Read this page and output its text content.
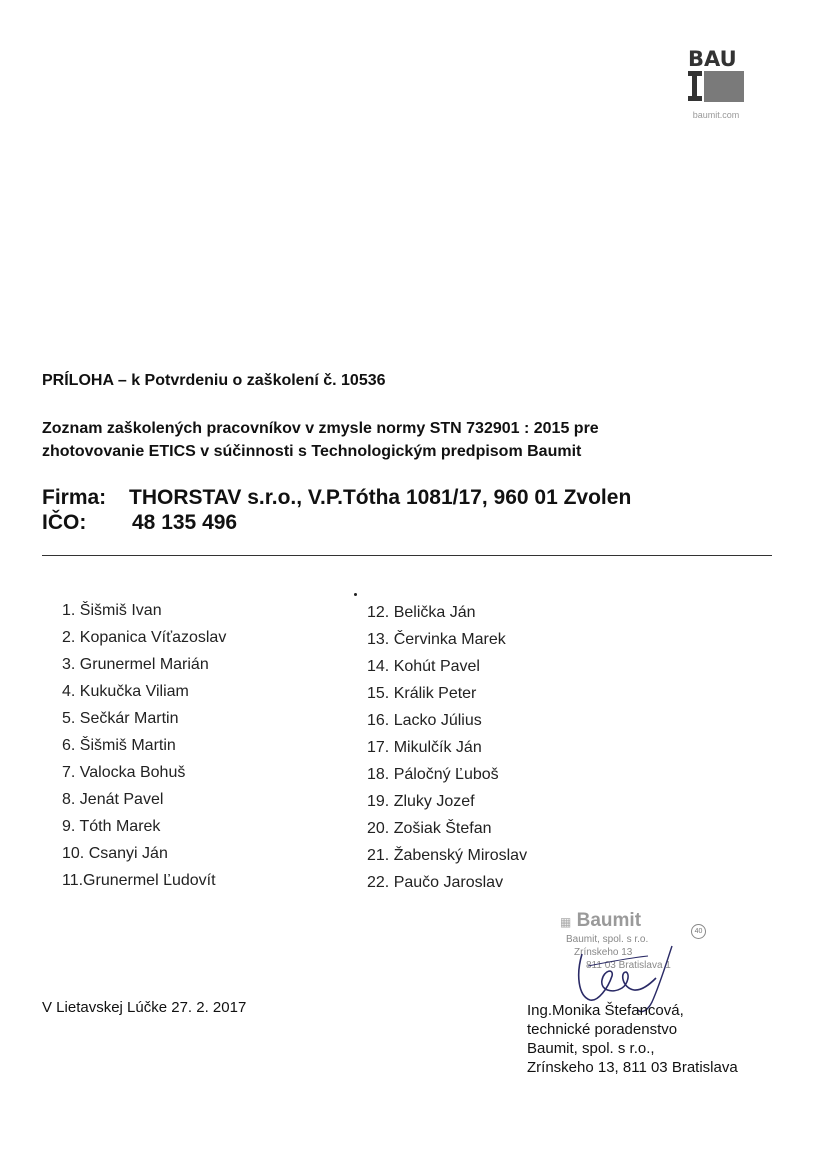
BAU
baumit.com
PRÍLOHA – k Potvrdeniu o zaškolení č. 10536
Zoznam zaškolených pracovníkov v zmysle normy STN 732901 : 2015 pre
zhotovovanie ETICS v súčinnosti s Technologickým predpisom Baumit
Firma: THORSTAV s.r.o., V.P.Tótha 1081/17, 960 01 Zvolen
IČO: 48 135 496
1. Šišmiš Ivan
2. Kopanica Víťazoslav
3. Grunermel Marián
4. Kukučka Viliam
5. Sečkár Martin
6. Šišmiš Martin
7. Valocka Bohuš
8. Jenát Pavel
9. Tóth Marek
10. Csanyi Ján
11.Grunermel Ľudovít
12. Belička Ján
13. Červinka Marek
14. Kohút Pavel
15. Králik Peter
16. Lacko Július
17. Mikulčík Ján
18. Páločný Ľuboš
19. Zluky Jozef
20. Zošiak Štefan
21. Žabenský Miroslav
22. Paučo Jaroslav
V Lietavskej Lúčke 27. 2. 2017
▦ Baumit
Baumit, spol. s r.o.
Zrínskeho 13
811 03 Bratislava 1
40
Ing.Monika Štefancová,
technické poradenstvo
Baumit, spol. s r.o.,
Zrínskeho 13, 811 03 Bratislava
